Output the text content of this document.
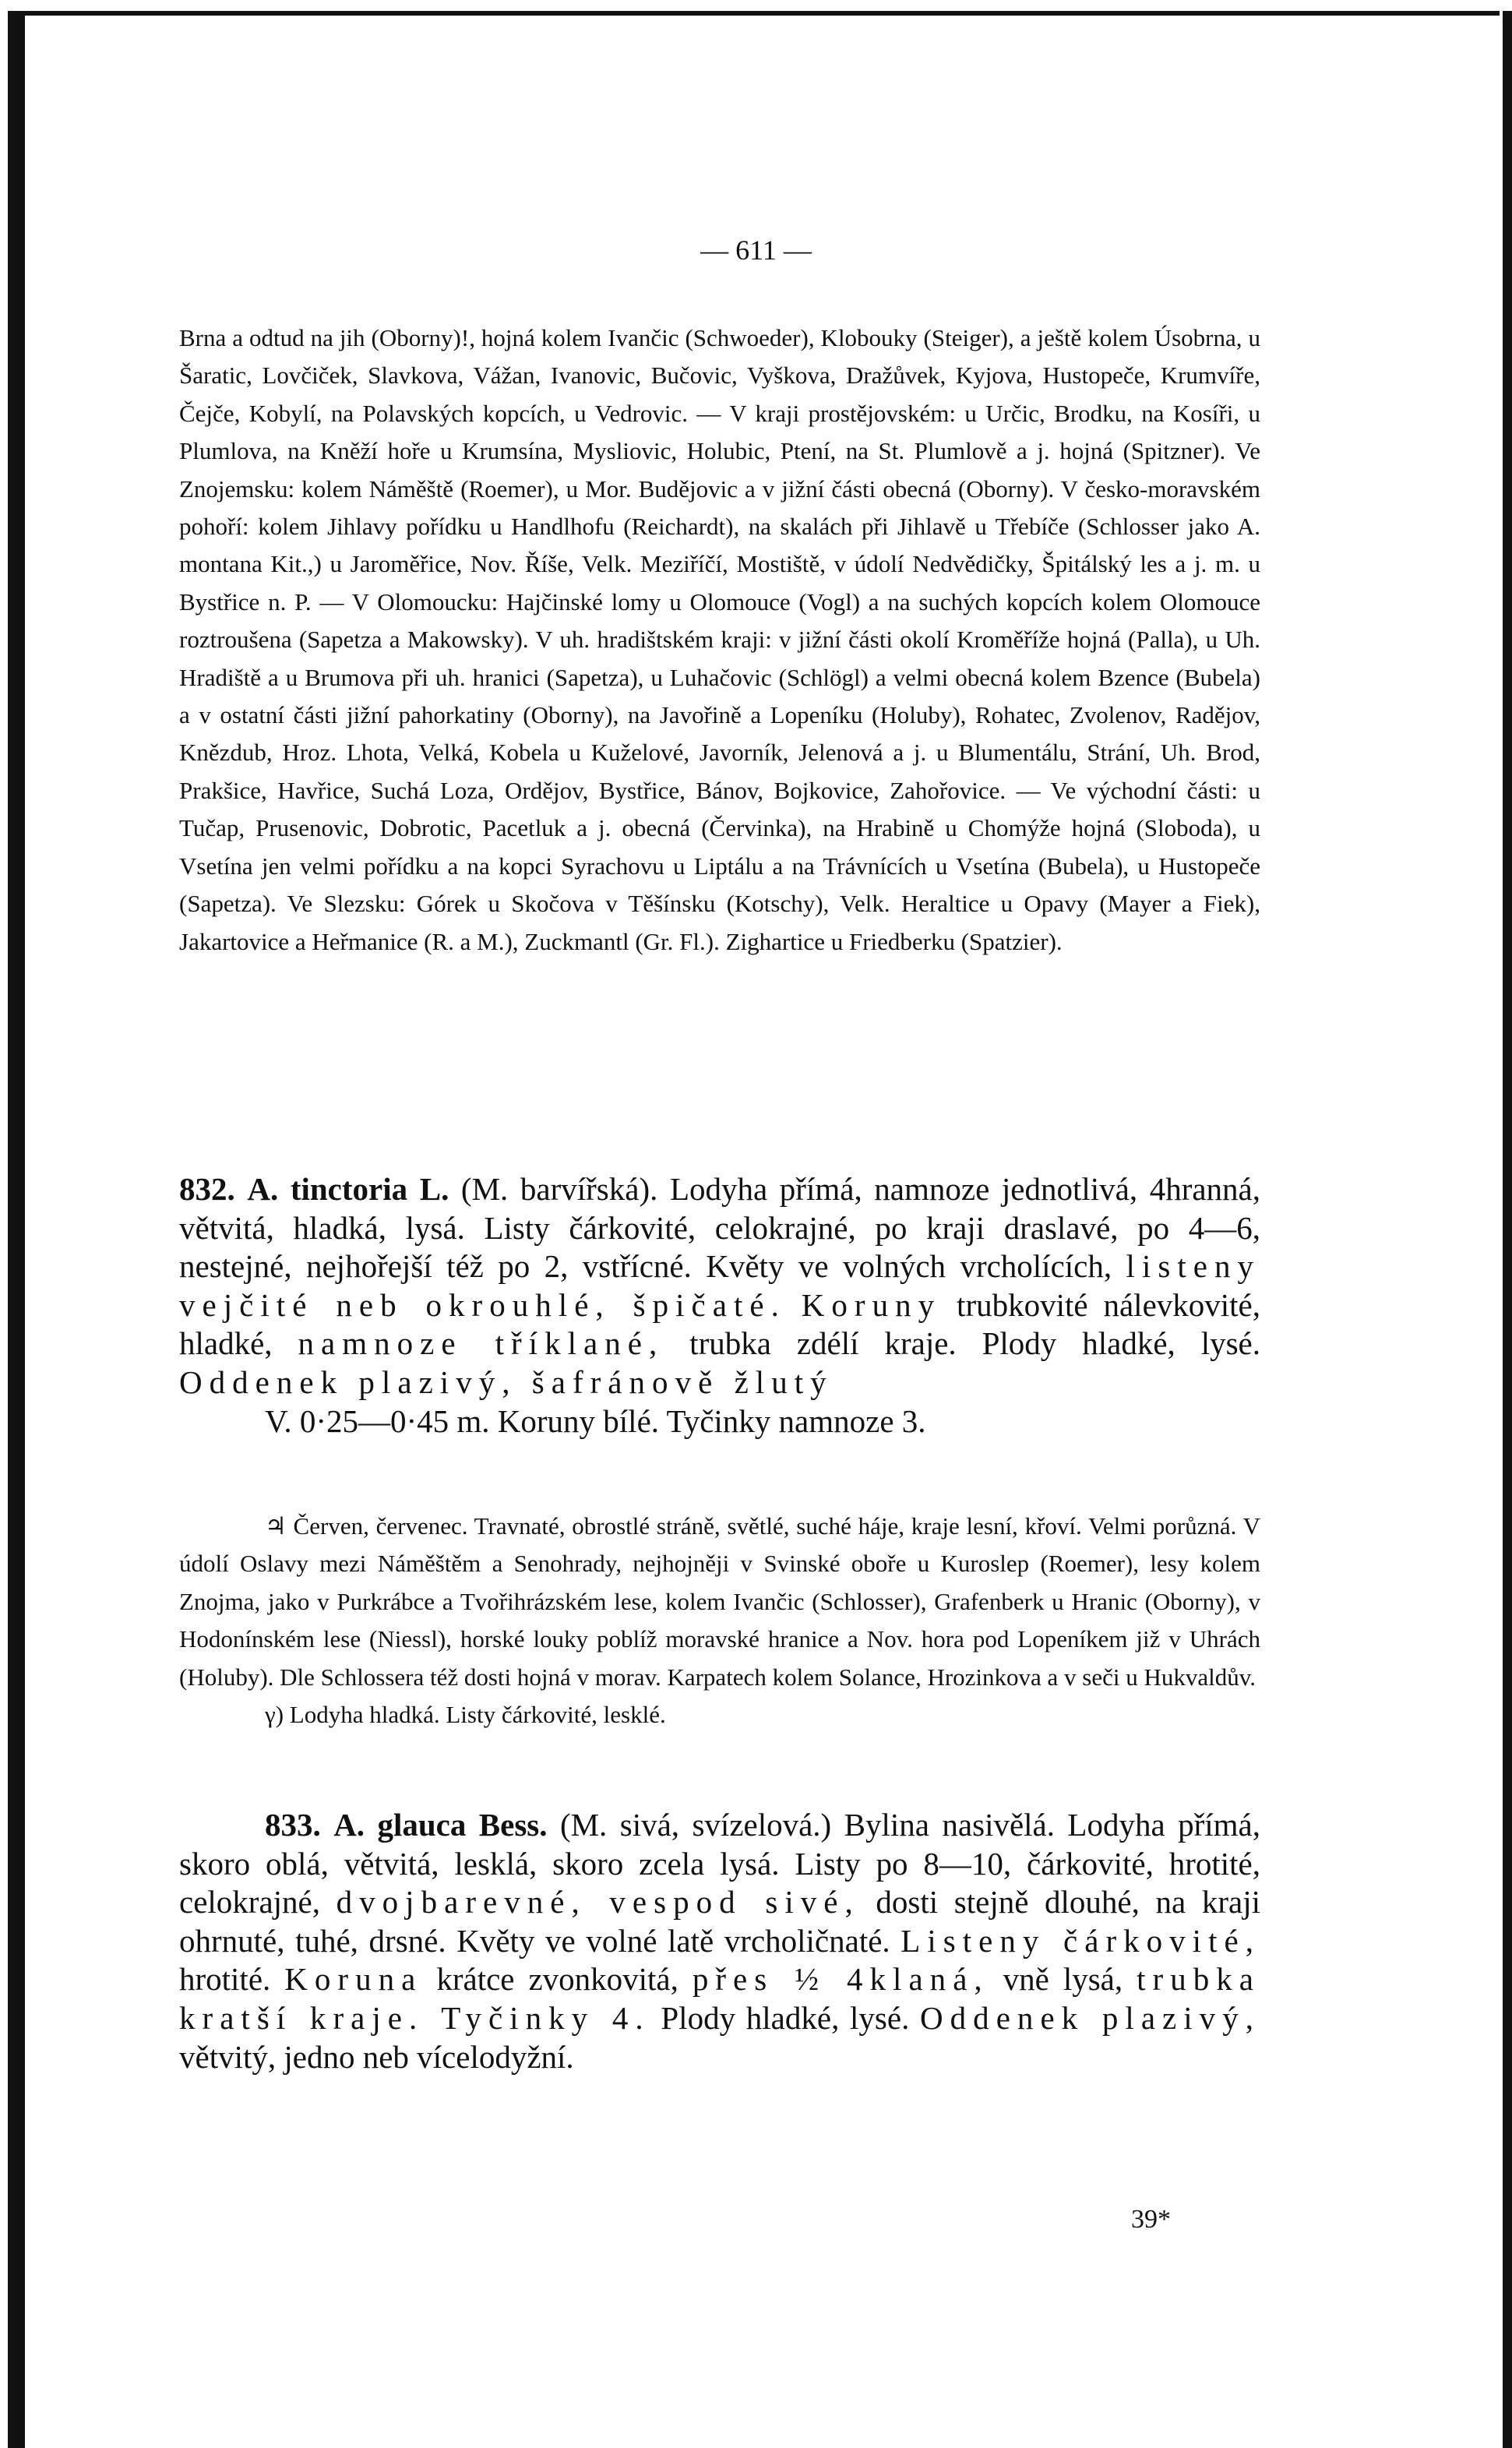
— 611 —

Brna a odtud na jih (Oborny)!, hojná kolem Ivančic (Schwoeder), Klobouky (Steiger), a ještě kolem Úsobrna, u Šaratic, Lovčiček, Slavkova, Vážan, Ivanovic, Bučovic, Vyškova, Dražůvek, Kyjova, Hustopeče, Krumvíře, Čejče, Kobylí, na Polavských kopcích, u Vedrovic. — V kraji prostějovském: u Určic, Brodku, na Kosíři, u Plumlova, na Kněží hoře u Krumsína, Mysliovic, Holubic, Ptení, na St. Plumlově a j. hojná (Spitzner). Ve Znojemsku: kolem Náměště (Roemer), u Mor. Budějovic a v jižní části obecná (Oborny). V česko-moravském pohoří: kolem Jihlavy pořídku u Handlhofu (Reichardt), na skalách při Jihlavě u Třebíče (Schlosser jako A. montana Kit.,) u Jaroměřice, Nov. Říše, Velk. Meziříčí, Mostiště, v údolí Nedvědičky, Špitálský les a j. m. u Bystřice n. P. — V Olomoucku: Hajčinské lomy u Olomouce (Vogl) a na suchých kopcích kolem Olomouce roztroušena (Sapetza a Makowsky). V uh. hradištském kraji: v jižní části okolí Kroměříže hojná (Palla), u Uh. Hradiště a u Brumova při uh. hranici (Sapetza), u Luhačovic (Schlögl) a velmi obecná kolem Bzence (Bubela) a v ostatní části jižní pahorkatiny (Oborny), na Javořině a Lopeníku (Holuby), Rohatec, Zvolenov, Radějov, Knězdub, Hroz. Lhota, Velká, Kobela u Kuželové, Javorník, Jelenová a j. u Blumentálu, Strání, Uh. Brod, Prakšice, Havřice, Suchá Loza, Ordějov, Bystřice, Bánov, Bojkovice, Zahořovice. — Ve východní části: u Tučap, Prusenovic, Dobrotic, Pacetluk a j. obecná (Červinka), na Hrabině u Chomýže hojná (Sloboda), u Vsetína jen velmi pořídku a na kopci Syrachovu u Liptálu a na Trávnících u Vsetína (Bubela), u Hustopeče (Sapetza). Ve Slezsku: Górek u Skočova v Těšínsku (Kotschy), Velk. Heraltice u Opavy (Mayer a Fiek), Jakartovice a Heřmanice (R. a M.), Zuckmantl (Gr. Fl.). Zighartice u Friedberku (Spatzier).

832. A. tinctoria L. (M. barvířská). Lodyha přímá, namnoze jednotlivá, 4hranná, větvitá, hladká, lysá. Listy čárkovité, celokrajné, po kraji draslavé, po 4—6, nestejné, nejhořejší též po 2, vstřícné. Květy ve volných vrcholících, listeny vejčité neb okrouhlé, špičaté. Koruny trubkovité nálevkovité, hladké, namnoze tříklané, trubka zdélí kraje. Plody hladké, lysé. Oddenek plazivý, šafránově žlutý

V. 0·25—0·45 m. Koruny bílé. Tyčinky namnoze 3.

♃ Červen, červenec. Travnaté, obrostlé stráně, světlé, suché háje, kraje lesní, křoví. Velmi porůzná. V údolí Oslavy mezi Náměštěm a Senohrady, nejhojněji v Svinské oboře u Kuroslep (Roemer), lesy kolem Znojma, jako v Purkrábce a Tvořihrázském lese, kolem Ivančic (Schlosser), Grafenberk u Hranic (Oborny), v Hodonínském lese (Niessl), horské louky poblíž moravské hranice a Nov. hora pod Lopeníkem již v Uhrách (Holuby). Dle Schlossera též dosti hojná v morav. Karpatech kolem Solance, Hrozinkova a v seči u Hukvaldův.

γ) Lodyha hladká. Listy čárkovité, lesklé.

833. A. glauca Bess. (M. sivá, svízelová.) Bylina nasivělá. Lodyha přímá, skoro oblá, větvitá, lesklá, skoro zcela lysá. Listy po 8—10, čárkovité, hrotité, celokrajné, dvojbarevné, vespod sivé, dosti stejně dlouhé, na kraji ohrnuté, tuhé, drsné. Květy ve volné latě vrcholičnaté. Listeny čárkovité, hrotité. Koruna krátce zvonkovitá, přes ½ 4klaná, vně lysá, trubka kratší kraje. Tyčinky 4. Plody hladké, lysé. Oddenek plazivý, větvitý, jedno neb vícelodyžní.

39*
